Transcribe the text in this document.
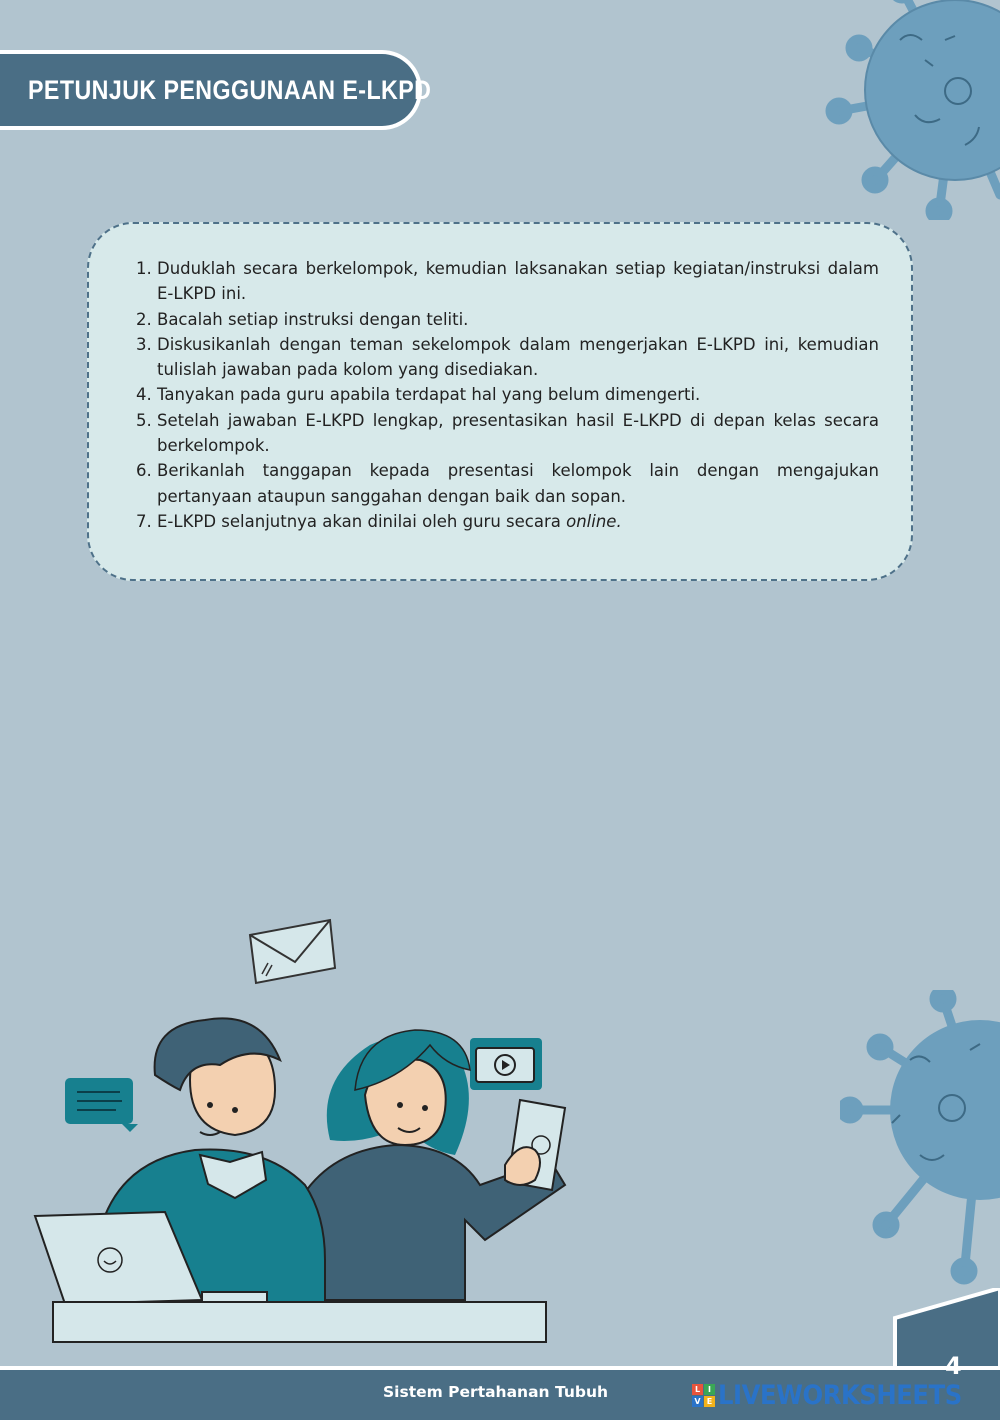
PETUNJUK PENGGUNAAN E-LKPD
1. Duduklah secara berkelompok, kemudian laksanakan setiap kegiatan/instruksi dalam E-LKPD ini.
2. Bacalah setiap instruksi dengan teliti.
3. Diskusikanlah dengan teman sekelompok dalam mengerjakan E-LKPD ini, kemudian tulislah jawaban pada kolom yang disediakan.
4. Tanyakan pada guru apabila terdapat hal yang belum dimengerti.
5. Setelah jawaban E-LKPD lengkap, presentasikan hasil E-LKPD di depan kelas secara berkelompok.
6. Berikanlah tanggapan kepada presentasi kelompok lain dengan mengajukan pertanyaan ataupun sanggahan dengan baik dan sopan.
7. E-LKPD selanjutnya akan dinilai oleh guru secara online.
Sistem Pertahanan Tubuh
4
L I
V E LIVEWORKSHEETS
